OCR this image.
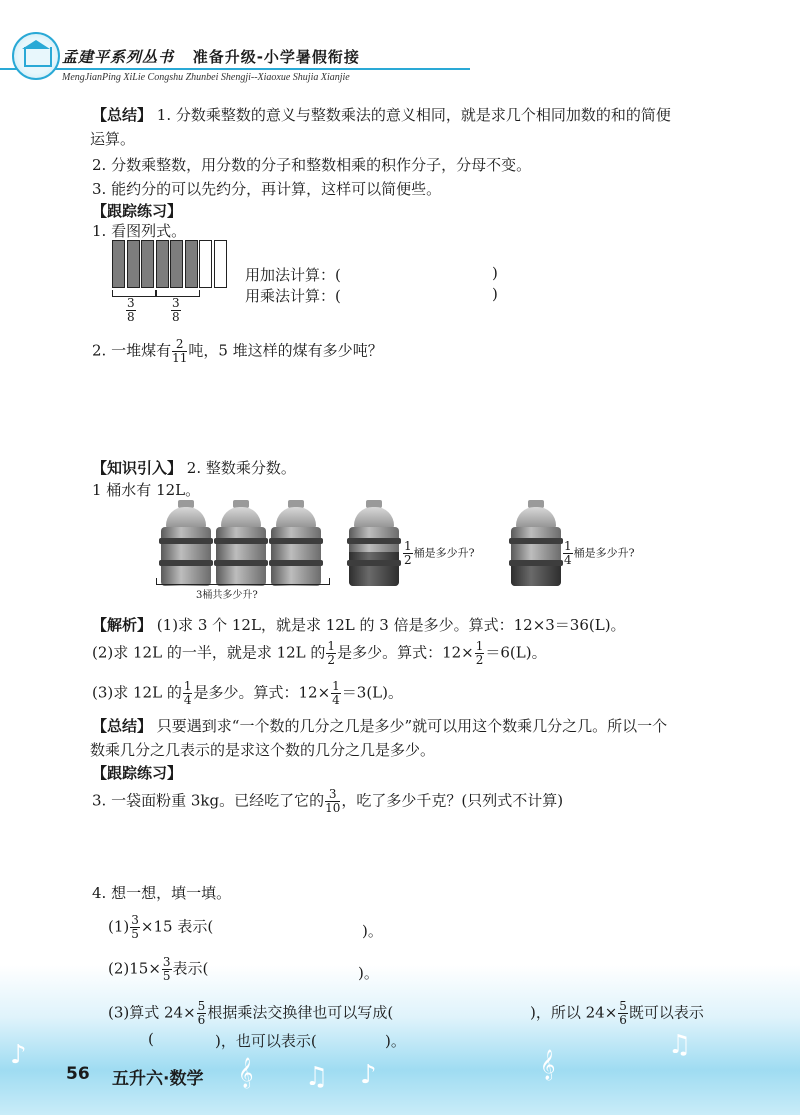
孟建平系列丛书 准备升级-小学暑假衔接
MengJianPing XiLie Congshu Zhunbei Shengji--Xiaoxue Shujia Xianjie
【总结】 1. 分数乘整数的意义与整数乘法的意义相同，就是求几个相同加数的和的简便
运算。
2. 分数乘整数，用分数的分子和整数相乘的积作分子，分母不变。
3. 能约分的可以先约分，再计算，这样可以简便些。
【跟踪练习】
1. 看图列式。
$\frac{3}{8}$	$\frac{3}{8}$
用加法计算：(	)
用乘法计算：(	)
2. 一堆煤有 $\frac{2}{11}$ 吨，5 堆这样的煤有多少吨？
【知识引入】 2. 整数乘分数。
1 桶水有 12L。
3桶共多少升?
$\frac{1}{2}$ 桶是多少升?	$\frac{1}{4}$ 桶是多少升?
【解析】 (1)求 3 个 12L，就是求 12L 的 3 倍是多少。算式：12×3＝36(L)。
(2)求 12L 的一半，就是求 12L 的 $\frac{1}{2}$ 是多少。算式：$12\times \frac{1}{2} =6(L)$。
(3)求 12L 的 $\frac{1}{4}$ 是多少。算式：$12\times \frac{1}{4} =3(L)$。
【总结】 只要遇到求“一个数的几分之几是多少”就可以用这个数乘几分之几。所以一个
数乘几分之几表示的是求这个数的几分之几是多少。
【跟踪练习】
3. 一袋面粉重 3kg。已经吃了它的 $\frac{3}{10}$ ，吃了多少千克？(只列式不计算)
♪
𝄞 ♫ ♪	𝄞
♫
4. 想一想，填一填。
$(1) \frac{3}{5} \times 15$ 表示(	)。
$(2)15\times \frac{3}{5}$ 表示(	)。
(3)算式 $24\times \frac{5}{6}$ 根据乘法交换律也可以写成(	)，所以 $24\times \frac{5}{6}$ 既可以表示
(	)，也可以表示(	)。
56 五升六·数学
